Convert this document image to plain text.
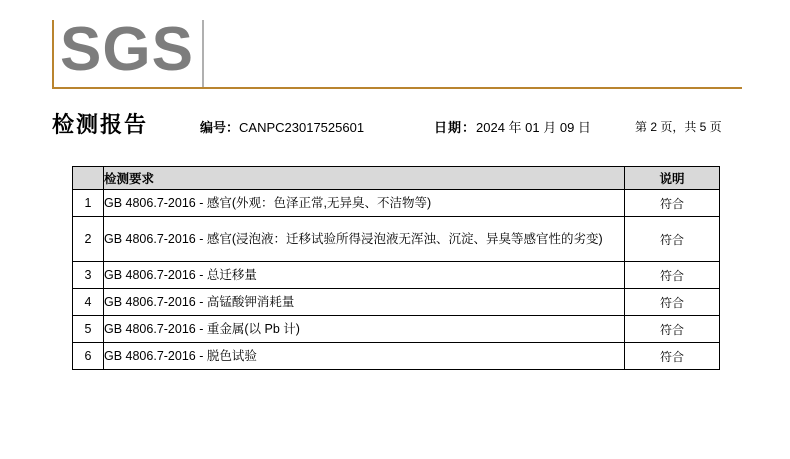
SGS
检测报告	编号：CANPC23017525601	日期：2024 年 01 月 09 日	第 2 页，共 5 页
	检测要求	说明
1	GB 4806.7-2016 - 感官(外观：色泽正常,无异臭、不洁物等)	符合
2	GB 4806.7-2016 - 感官(浸泡液：迁移试验所得浸泡液无浑浊、沉淀、异臭等感官性的劣变)	符合
3	GB 4806.7-2016 - 总迁移量	符合
4	GB 4806.7-2016 - 高锰酸钾消耗量	符合
5	GB 4806.7-2016 - 重金属(以 Pb 计)	符合
6	GB 4806.7-2016 - 脱色试验	符合
